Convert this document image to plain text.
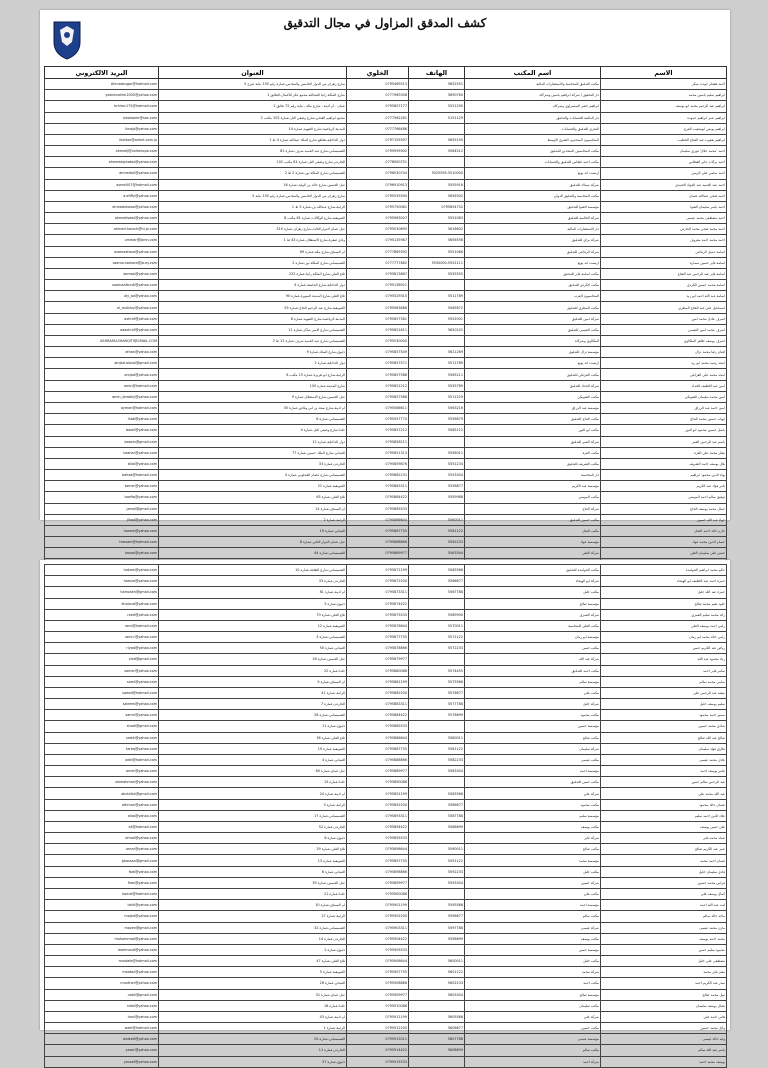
كشف المدقق المزاول في مجال التدقيق
الاسم	اسم المكتب	الهاتف	الخلوي	العنوان	البريد الالكتروني
أحمد هشام جودت سكر	مكتب التدقيق للمحاسبة والاستشارات المالية	5652551	0795469513	شارع زهران بين الدوار الخامس والسادس-عمارة رقم 130 بناية عيرح 5	Ahmadsugar@hotmail.com
ابراهيم سليم ياسين محمد	دار التحقيق / شركة ابراهيم ياسين وشركاه	5690760	0777969308	شارع الملكة رانيا العبدالله-مجمع عكر للأعمال-الطابق 1	yasinbrahim2005@yahoo.com
ابراهيم عبد الرحيم محمد ابو يوسف	ابراهيم خضر اليمسراوي وشركاه	5521290	0795807177	عمان - أم اذينة - شارع مكة - بناية رقم 72 طابق 1	brhimc175@hotmail.com
ابراهيم عمر ابراهيم حموده	دار المكتبة للحسابات والتدقيق	5151129	0777562281	مجمع ابراهيم القباني-شارع وصفي التل-عمارة 102 مكتب 2	ivealaomr@sos.com
ابراهيم يونس ابوشعيب العرج	البحري للتدقيق والحسابات		0777766486	المدينة الرياضية-شارع الشهيد-عمارة 14	ibrajo@yahoo.com
ابراهيم يعقوب عبد الفتاح الخطيب	المحاسبون المتحدون الشرق الاوسط	5655195	0797155597	دوار الداخلية-تقاطع شارع الملك عبدالله-عمارة 4 ط 1	ikutbor@orient.com.jo
احمد 'محمد جلال' فوزي سليمان	مكتب المحاسبين المتحدين للتدقيق	5564512	0795995902	الشميساني-شارع عبد الحميد شرف-عمارة 82	ahmedj@unitedcpa.com
احمد بركات جابر الغطاس	مكتب احمد غطاس للتدقيق والحسابات		0778900751	الجاردنز-شارع وصفي التل-عمارة 81 مكتب 102	ahmedalghatas@yahoo.com
احمد سامي علي الريس	ارنست اند يونغ	5525595-5510000	0796030744	الشميساني-شارع الملكة نور-عمارة 2 ط 2	ahmedali@yahoo.com
احمد عبد الحميد عبد الجواد الجنيدي	شركة سماك للتدقيق	5555916	0796910913	جبل الحسين-شارع خالد بن الوليد-عمارة 16	aomh007@hotmail.com
احمد فتحي عبدالله عثمان	مكتب المحاسبة والتدقيق الدولي	5656302	0795539390	شارع زهران بين الدوار الخامس والسادس-عمارة رقم 130 بناية 5	a.afiffy@yahoo.com
احمد ياسر سليمان الشوا	مؤسسة الشوا للتدقيق	0795854752	0795750081	الرابية-شارع عبدالله بن-عمارة 5 ط 1	ahmadshawa@yahoo.com
احمد مصطفى محمد عيسى	شركة العالمية للتدقيق	5551063	0795963007	الصويفية-شارع الوكالات-عمارة 61 مكتب 8	ahmedisawi@yahoo.com
احمد محمد فتحي محمد الحارثي	دار الاستشارات المالية	5616602	0795030695	جبل عمان الدوار الثالث-شارع زهران-عمارة 310	ahmed.harsch@hi.jo.com
احمد محمد احمد معروف	شركة براي للتدقيق	5656558	0795135987	وادي صقرة-شارع الاستقلال-عمارة 43 ط 1	ummar@jbmn.com
اسامة جميل الرفاعي	شركة الرفاعي للتدقيق	5551066	0777869392	ام السماق-شارع مكة-عمارة 89	osamaalwsa@yahoo.com
اسامة فايز حسين سمارة	ارنست اند يونغ	5530000-5552111	0777777882	الشميساني-شارع الملكة نور-عمارة 2	osama.samara@jo.ey.com
اسامة فايز عبد الرحمن عبد الفتاح	مكتب اسامة فايز للتدقيق	5555555	0795813867	تلاع العلي-شارع الملكة رانيا-عمارة 222	aomaa@yahoo.com
اسامة محمد حسين الكردي	مكتب الكردي للتدقيق		0795138921	دوار الداخلية-شارع الجامعة-عمارة 4	osamaalkurdi@yahoo.com
اسامة عبد الله احمد ابو زيد	المحاسبون العرب	5511789	0795529315	تلاع العلي-شارع المدينة المنورة-عمارة 90	aly_aa@yahoo.com
اسماعيل علي عبد الفتاح المطري	مكتب المطري للتدقيق	5565872	0795963886	الصويفية-شارع عبد الرحيم الحاج-عمارة 55	al_mutiary@yahoo.com
اشرف عادل محمد امين	شركة امين للتدقيق	5552001	0795857581	المدينة الرياضية-شارع الشهيد-عمارة 8	ashraf@yahoo.com
اشرف محمد امين النعيمي	مكتب النعيمي للتدقيق	5650101	0795651611	الشميساني-شارع الامير شاكر-عمارة 11	aaashraf@yahoo.com
اشرف يوسف طاهر الملكاوي	الملكاوي وشركاه		0795530000	الشميساني-شارع عبد الحميد شرف-عمارة 12 ط 2	ASHRAFALSHANQITI@GMAIL.COM
افنان رضا محمد نزال	مؤسسة نزال للتدقيق	5621269	0795857549	دابوق-شارع الملك-عمارة 9	afnan@yahoo.com
امجد رشيد محمد ابو زيد	ارنست اند يونغ	5511789	0795857571	دوار الداخلية-عمارة 2	amjad.alozai@gmail.com
امجد محمد علي الغرابلي	مكتب الغرابلي للتدقيق	5565211	0795857586	الرابية-شارع ابو هريرة-عمارة 15 مكتب 6	amjad@yahoo.com
امين عبد اللطيف الحداد	شركة الحداد للتدقيق	5555789	0795651212	شارع المدينة-عمارة 100	amin@hotmail.com
امين محمد سليمان الشوبكي	مكتب الشوبكي	5511229	0795857568	جبل الحسين-شارع الاستقلال-عمارة 9	amin_shwbky@yahoo.com
ايمن احمد عبد الرزاق	مؤسسة عبد الرزاق	5563216	0795586611	ام اذينة-شارع سعد بن ابي وقاص-عمارة 30	ayman@hotmail.com
ايهاب حسين محمد الحاج	مكتب الحاج للتدقيق	5556679	0795557770	الشميساني-عمارة 6	ihab@yahoo.com
باسل حسين محمود ابو النور	مكتب ابو النور	5565112	0795857212	خلدا-شارع وصفي التل-عمارة 4	basel@yahoo.com
باسم عبد الرحمن العمر	شركة العمر للتدقيق		0795858211	دوار الداخلية-عمارة 12	basem@gmail.com
بشار محمد علي العزة	مكتب العزة	5556011	0795651313	العبدلي-شارع الملك حسين-عمارة 77	bashar@yahoo.com
بلال يوسف احمد الشريف	مكتب الشريف للتدقيق	5551234	0795859876	الجاردنز-عمارة 33	bilal@yahoo.com
بهاء الدين محمود ابراهيم	دار المحاسبة	5553344	0795862231	الشميساني-شارع عصام العجلوني-عمارة 4	bahaa@hotmail.com
تامر فؤاد عبد الكريم	مؤسسة عبد الكريم	5558877	0795863311	الصويفية-عمارة 21	tamer@yahoo.com
توفيق سالم احمد المومني	مكتب المومني	5559988	0795864422	تلاع العلي-عمارة 65	tawfiq@yahoo.com
جمال محمد يوسف الحاج	شركة الحاج		0795865533	ام السماق-عمارة 14	jamal@gmail.com
جهاد عبد الله حسين	مكتب حسين للتدقيق	5560011	0795866644	الرابية-عمارة 2	jihad@yahoo.com
حازم خالد احمد النجار	مكتب النجار	5561122	0795867755	العبدلي-عمارة 19	hazem@yahoo.com
حسام الدين محمد عواد	مؤسسة عواد	5562233	0795868866	جبل عمان-الدوار الثاني-عمارة 8	hossam@hotmail.com
حسن علي سليمان العلي	شركة العلي	5563344	0795869977	الشميساني-عمارة 44	hasan@yahoo.com

حكم محمد ابراهيم الحوامده	مكتب الحوامده للتدقيق	5565566	0795871199	الشميساني-شارع الثقافة-عمارة 10	hakam@yahoo.com
حمزة احمد عبد اللطيف ابو الهيجاء	شركة ابو الهيجاء	5566677	0795872200	الجاردنز-عمارة 33	hamza@yahoo.com
حمزة عبد الله خليل	مكتب خليل	5567788	0795873311	ام اذينة-عمارة 81	hamzakh@gmail.com
خلود نعيم محمد صالح	مؤسسة صالح		0795874422	دابوق-عمارة 5	kholoud@yahoo.com
رائد محمد سليم العمري	شركة العمري	5569900	0795875533	تلاع العلي-عمارة 70	raed@yahoo.com
رامي احمد يوسف العلي	مكتب العلي للمحاسبة	5570011	0795876644	الصويفية-عمارة 12	rami@hotmail.com
رامي خالد محمد ابو رمان	مؤسسة ابو رمان	5571122	0795877755	الشميساني-عمارة 3	rami.r@yahoo.com
رياض عبد الكريم حسن	مكتب حسن	5572233	0795878866	العبدلي-عمارة 50	riyad@yahoo.com
زياد محمود عبد الله	شركة عبد الله		0795879977	جبل الحسين-عمارة 18	ziad@gmail.com
سامر فايز احمد	مكتب احمد للتدقيق	5574455	0795880088	خلدا-عمارة 22	samer@yahoo.com
سامي محمد سالم	مؤسسة سالم	5575566	0795881199	ام السماق-عمارة 9	sami@yahoo.com
سعيد عبد الرحمن علي	مكتب علي	5576677	0795882200	الرابية-عمارة 41	saeed@hotmail.com
سليم يوسف خليل	شركة خليل	5577788	0795883311	الجاردنز-عمارة 7	saleem@yahoo.com
سمير احمد محمود	مكتب محمود	5578899	0795884422	الشميساني-عمارة 28	samir@yahoo.com
شادي محمد حسين	مؤسسة حسين		0795885533	دابوق-عمارة 11	shadi@gmail.com
صالح عبد الله صالح	مكتب صالح	5580011	0795886644	تلاع العلي-عمارة 36	saleh@yahoo.com
طارق فؤاد سليمان	شركة سليمان	5581122	0795887755	الصويفية-عمارة 19	tareq@yahoo.com
عادل محمد عيسى	مكتب عيسى	5582233	0795888866	العبدلي-عمارة 4	adel@hotmail.com
عامر يوسف احمد	مؤسسة احمد	5583344	0795889977	جبل عمان-عمارة 60	amer@yahoo.com
عبد الرحمن سالم حسن	مكتب حسن للتدقيق		0795890088	خلدا-عمارة 15	abdrahman@yahoo.com
عبد الله محمد علي	شركة علي	5585566	0795891199	ام اذينة-عمارة 24	abdullah@gmail.com
عثمان خالد محمود	مكتب محمود	5586677	0795892200	الرابية-عمارة 3	othman@yahoo.com
علاء الدين احمد سليم	مؤسسة سليم	5587788	0795893311	الشميساني-عمارة 17	alaa@yahoo.com
علي حسن يوسف	مكتب يوسف	5588899	0795894422	الجاردنز-عمارة 52	ali@hotmail.com
عماد محمد فايز	شركة فايز		0795895533	دابوق-عمارة 8	emad@yahoo.com
عمر عبد الكريم صالح	مكتب صالح	5590011	0795896644	تلاع العلي-عمارة 29	omar@yahoo.com
غسان احمد محمد	مؤسسة محمد	5591122	0795897755	الصويفية-عمارة 13	ghassan@gmail.com
فادي سليمان خليل	مكتب خليل	5592233	0795898866	العبدلي-عمارة 6	fadi@yahoo.com
فراس محمد حسين	شركة حسين	5593344	0795899977	جبل الحسين-عمارة 39	firas@yahoo.com
كمال يوسف علي	مكتب علي		0795900088	خلدا-عمارة 21	kamal@hotmail.com
ليث عبد الله احمد	مؤسسة احمد	5595566	0795901199	ام السماق-عمارة 10	laith@yahoo.com
ماجد خالد سالم	مكتب سالم	5596677	0795902200	الرابية-عمارة 27	majed@yahoo.com
مازن محمد عيسى	شركة عيسى	5597788	0795903311	الشميساني-عمارة 32	mazen@gmail.com
محمد احمد يوسف	مكتب يوسف	5598899	0795904422	الجاردنز-عمارة 14	mohammad@yahoo.com
محمود سليم حسن	مؤسسة حسن		0795905533	دابوق-عمارة 2	mahmoud@yahoo.com
مصطفى علي خليل	مكتب خليل	5600011	0795906644	تلاع العلي-عمارة 47	mustafa@hotmail.com
معتز فايز محمد	شركة محمد	5601122	0795907755	الصويفية-عمارة 5	moataz@yahoo.com
منذر عبد الكريم احمد	مكتب احمد	5602233	0795908866	العبدلي-عمارة 26	munther@yahoo.com
نبيل محمد صالح	مؤسسة صالح	5603344	0795909977	جبل عمان-عمارة 31	nabil@gmail.com
نضال يوسف سليمان	مكتب سليمان		0795910088	خلدا-عمارة 16	nidal@yahoo.com
هاني احمد علي	شركة علي	5605566	0795911199	ام اذينة-عمارة 43	hani@yahoo.com
وائل محمد حسين	مكتب حسين	5606677	0795912200	الرابية-عمارة 1	wael@hotmail.com
وليد خالد عيسى	مؤسسة عيسى	5607788	0795913311	الشميساني-عمارة 20	waleed@yahoo.com
ياسر عبد الله سالم	مكتب سالم	5608899	0795914422	الجاردنز-عمارة 11	yaser@yahoo.com
يوسف محمد احمد	شركة احمد		0795915533	دابوق-عمارة 37	yousef@yahoo.com
